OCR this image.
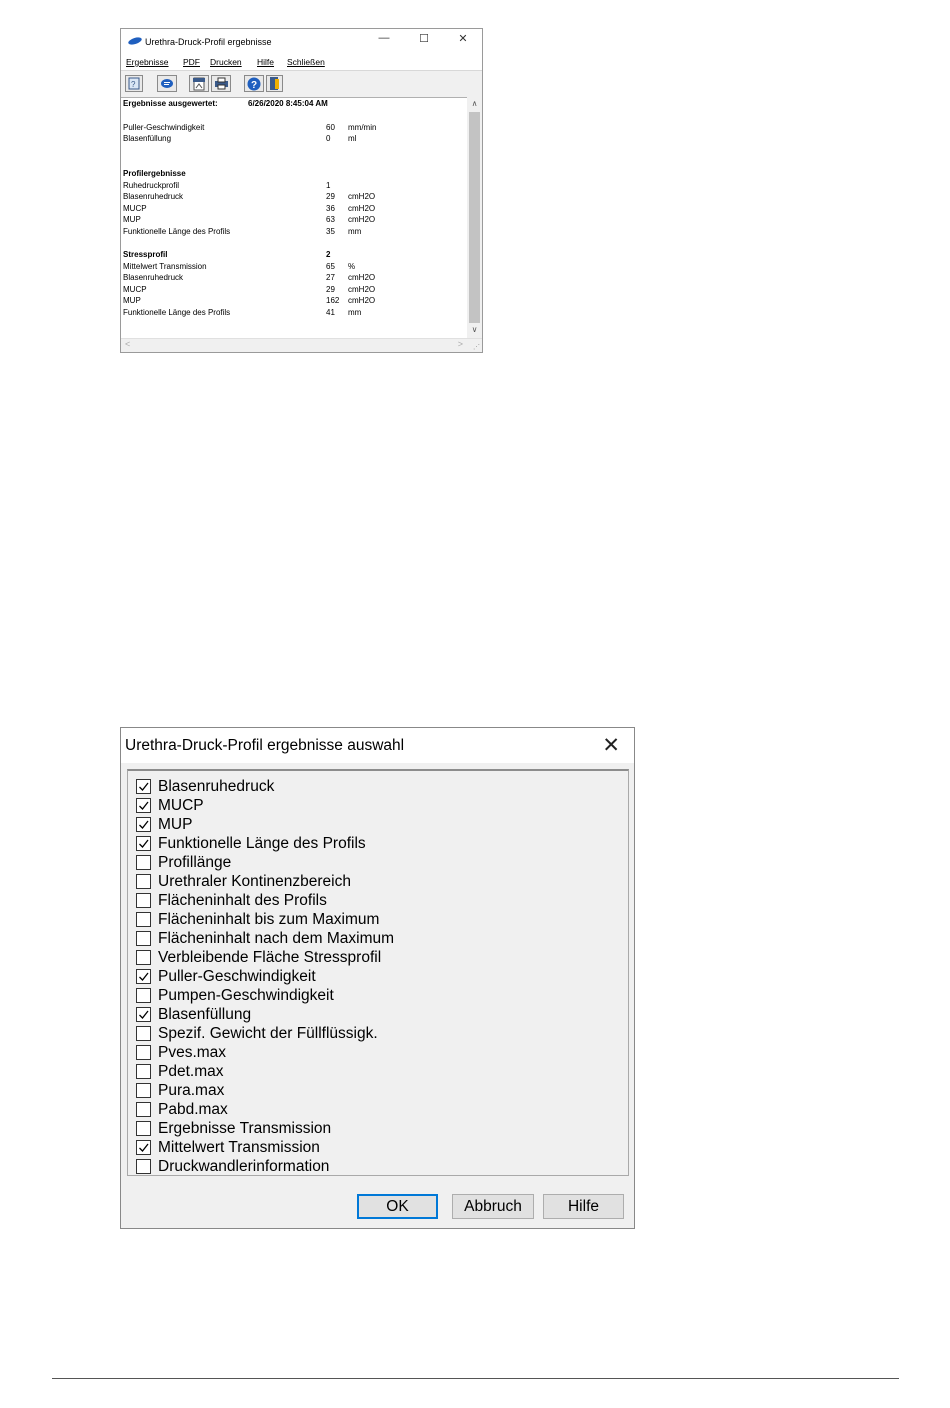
Urethra-Druck-Profil ergebnisse	—	☐	✕
Ergebnisse PDF Drucken Hilfe Schließen
?	?
Ergebnisse ausgewertet:	6/26/2020 8:45:04 AM
Puller-Geschwindigkeit	60 mm/min
Blasenfüllung	0 ml
Profilergebnisse
Ruhedruckprofil	1
Blasenruhedruck	29 cmH2O
MUCP	36 cmH2O
MUP	63 cmH2O
Funktionelle Länge des Profils	35 mm
Stressprofil	2
Mittelwert Transmission	65 %
Blasenruhedruck	27 cmH2O
MUCP	29 cmH2O
MUP	162 cmH2O
Funktionelle Länge des Profils	41 mm
∧
∨
<	> ⋰
Urethra-Druck-Profil ergebnisse auswahl	✕
Blasenruhedruck
MUCP
MUP
Funktionelle Länge des Profils
Profillänge
Urethraler Kontinenzbereich
Flächeninhalt des Profils
Flächeninhalt bis zum Maximum
Flächeninhalt nach dem Maximum
Verbleibende Fläche Stressprofil
Puller-Geschwindigkeit
Pumpen-Geschwindigkeit
Blasenfüllung
Spezif. Gewicht der Füllflüssigk.
Pves.max
Pdet.max
Pura.max
Pabd.max
Ergebnisse Transmission
Mittelwert Transmission
Druckwandlerinformation
OK	Abbruch	Hilfe
